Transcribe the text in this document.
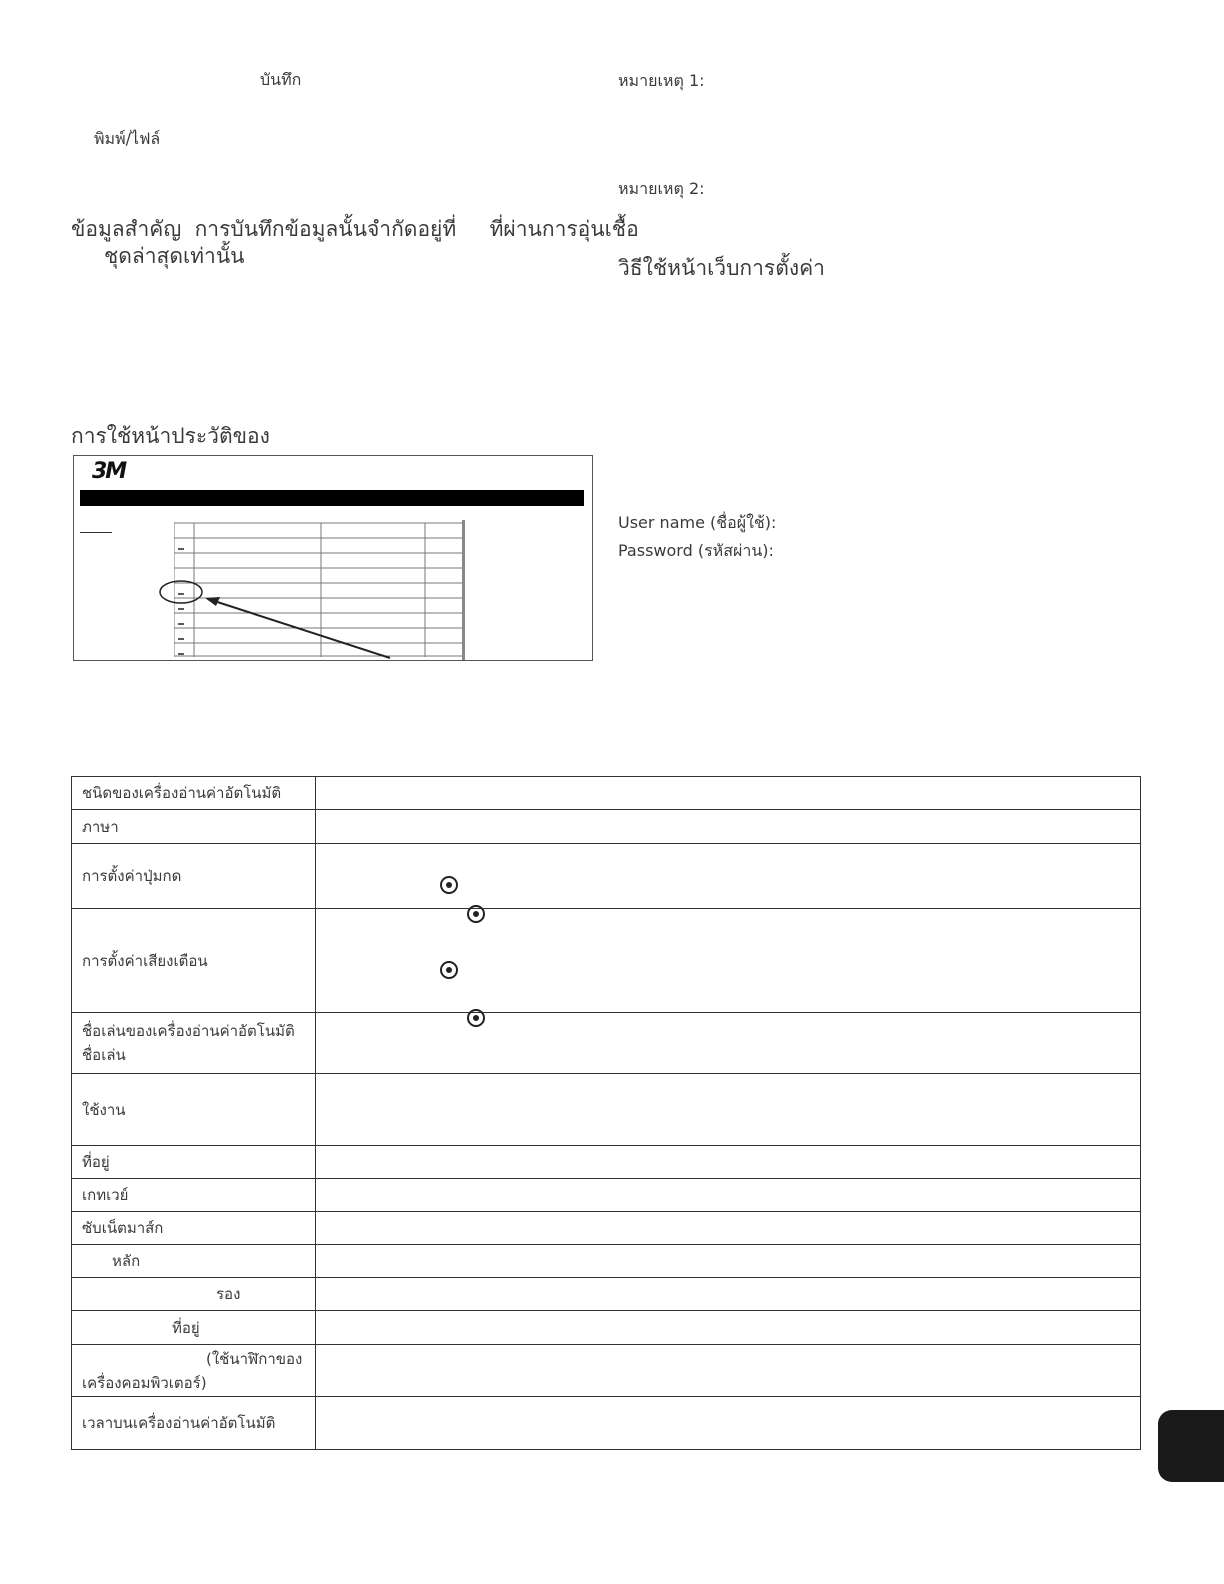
บันทึก
พิมพ์/ไฟล์
ข้อมูลสำคัญ  การบันทึกข้อมูลนั้นจำกัดอยู่ที่     ที่ผ่านการอุ่นเชื้อ
ชุดล่าสุดเท่านั้น
การใช้หน้าประวัติของ
3M
หมายเหตุ 1:
หมายเหตุ 2:
วิธีใช้หน้าเว็บการตั้งค่า
User name (ชื่อผู้ใช้):
Password (รหัสผ่าน):
ชนิดของเครื่องอ่านค่าอัตโนมัติ	
ภาษา	
การตั้งค่าปุ่มกด	
การตั้งค่าเสียงเตือน	

ชื่อเล่นของเครื่องอ่านค่าอัตโนมัติ
ชื่อเล่น	

ใช้งาน	
ที่อยู่	
เกทเวย์	
ซับเน็ตมาส์ก	
หลัก	
รอง	
ที่อยู่	

(ใช้นาฬิกาของ
เครื่องคอมพิวเตอร์)	

เวลาบนเครื่องอ่านค่าอัตโนมัติ	
